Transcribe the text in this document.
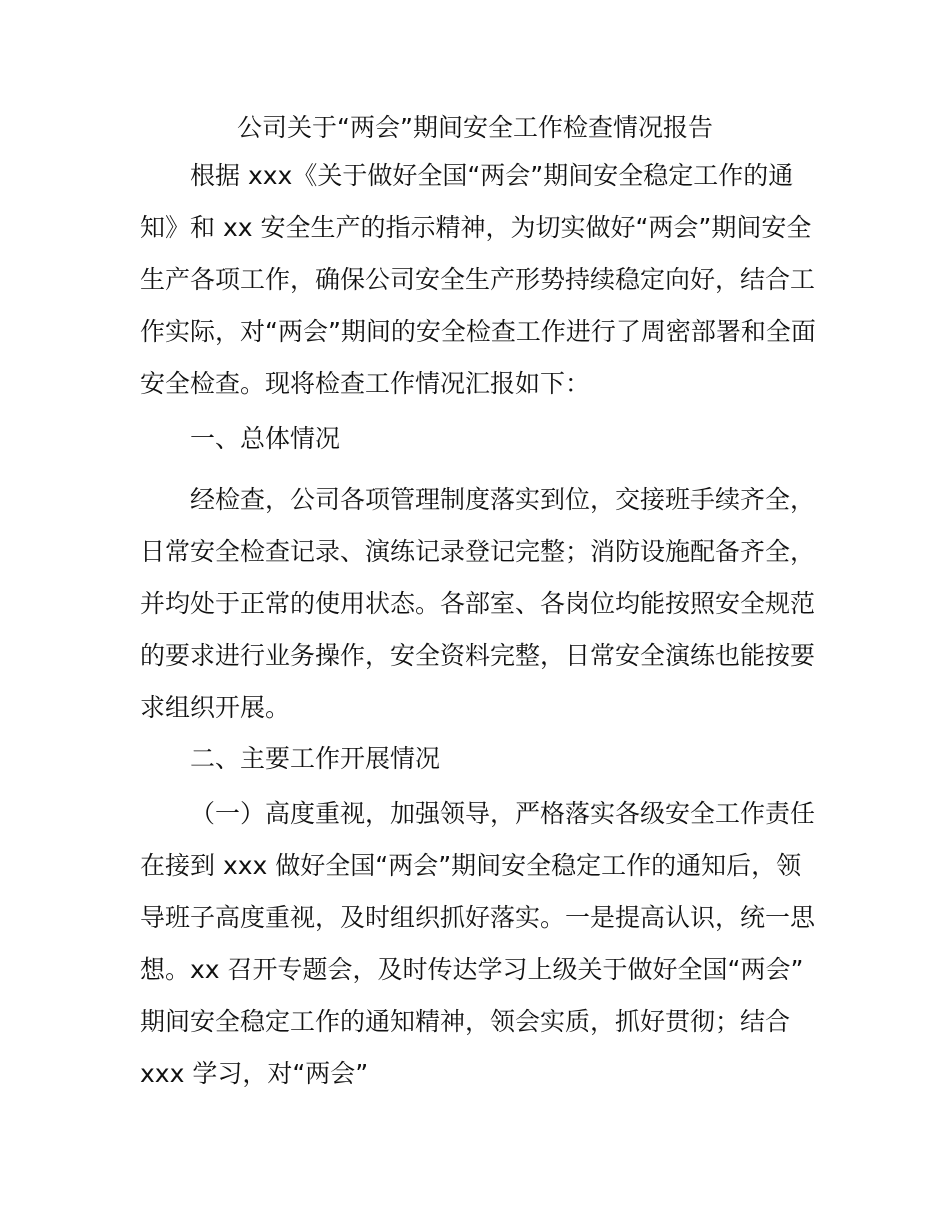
公司关于“两会”期间安全工作检查情况报告
根据 xxx《关于做好全国“两会”期间安全稳定工作的通
知》和 xx 安全生产的指示精神，为切实做好“两会”期间安全
生产各项工作，确保公司安全生产形势持续稳定向好，结合工
作实际，对“两会”期间的安全检查工作进行了周密部署和全面
安全检查。现将检查工作情况汇报如下：
一、总体情况
经检查，公司各项管理制度落实到位，交接班手续齐全，
日常安全检查记录、演练记录登记完整；消防设施配备齐全，
并均处于正常的使用状态。各部室、各岗位均能按照安全规范
的要求进行业务操作，安全资料完整，日常安全演练也能按要
求组织开展。
二、主要工作开展情况
（一）高度重视，加强领导，严格落实各级安全工作责任
在接到 xxx 做好全国“两会”期间安全稳定工作的通知后，领
导班子高度重视，及时组织抓好落实。一是提高认识，统一思
想。xx 召开专题会，及时传达学习上级关于做好全国“两会”
期间安全稳定工作的通知精神，领会实质，抓好贯彻；结合
xxx 学习，对“两会”
